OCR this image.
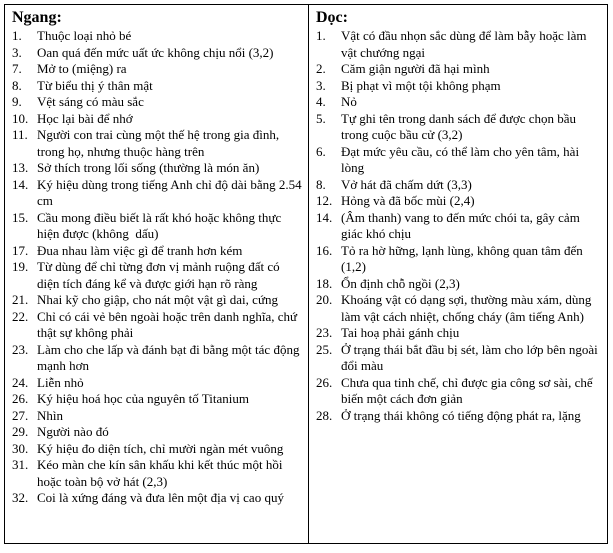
Ngang:
1.	Thuộc loại nhỏ bé
3.	Oan quá đến mức uất ức không chịu nổi (3,2)
7.	Mở to (miệng) ra
8.	Từ biểu thị ý thân mật
9.	Vệt sáng có màu sắc
10. Học lại bài để nhớ
11. Người con trai cùng một thế hệ trong gia đình, trong họ, nhưng thuộc hàng trên
13. Sở thích trong lối sống (thường là món ăn)
14. Ký hiệu dùng trong tiếng Anh chỉ độ dài bằng 2.54 cm
15. Cầu mong điều biết là rất khó hoặc không thực hiện được (không  dấu)
17. Đua nhau làm việc gì để tranh hơn kém
19. Từ dùng để chỉ từng đơn vị mảnh ruộng đất có diện tích đáng kể và được giới hạn rõ ràng
21. Nhai kỹ cho giập, cho nát một vật gì dai, cứng
22. Chỉ có cái vẻ bên ngoài hoặc trên danh nghĩa, chứ thật sự không phải
23. Làm cho che lấp và đánh bạt đi bằng một tác động mạnh hơn
24. Liễn nhỏ
26. Ký hiệu hoá học của nguyên tố Titanium
27. Nhìn
29. Người nào đó
30. Ký hiệu đo diện tích, chỉ mười ngàn mét vuông
31. Kéo màn che kín sân khấu khi kết thúc một hồi hoặc toàn bộ vở hát (2,3)
32. Coi là xứng đáng và đưa lên một địa vị cao quý
Dọc:
1.	Vật có đầu nhọn sắc dùng để làm bẫy hoặc làm vật chướng ngại
2.	Căm giận người đã hại mình
3.	Bị phạt vì một tội không phạm
4.	Nỏ
5.	Tự ghi tên trong danh sách để được chọn bầu trong cuộc bầu cử (3,2)
6.	Đạt mức yêu cầu, có thể làm cho yên tâm, hài lòng
8.	Vở hát đã chấm dứt (3,3)
12. Hỏng và đã bốc mùi (2,4)
14. (Âm thanh) vang to đến mức chói ta, gây cảm giác khó chịu
16. Tỏ ra hờ hững, lạnh lùng, không quan tâm đến (1,2)
18. Ổn định chỗ ngồi (2,3)
20. Khoáng vật có dạng sợi, thường màu xám, dùng làm vật cách nhiệt, chống cháy (âm tiếng Anh)
23. Tai hoạ phải gánh chịu
25. Ở trạng thái bắt đầu bị sét, làm cho lớp bên ngoài đổi màu
26. Chưa qua tinh chế, chỉ được gia công sơ sài, chế biến một cách đơn giản
28. Ở trạng thái không có tiếng động phát ra, lặng
